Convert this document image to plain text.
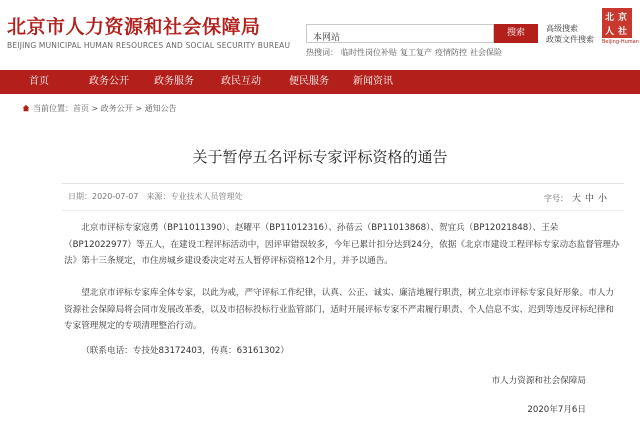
北京市人力资源和社会保障局
BEIJING MUNICIPAL HUMAN RESOURCES AND SOCIAL SECURITY BUREAU
本网站
搜索	高级搜索
政策文件搜索
热搜词： 临时性岗位补贴 复工复产 疫情防控 社会保险
北 京
人 社
Beijing-Human
首页	政务公开	政务服务	政民互动	便民服务	新闻资讯
当前位置：首页 > 政务公开 > 通知公告
关于暂停五名评标专家评标资格的通告
日期：2020-07-07 来源：专业技术人员管理处	字号： 大 中 小
北京市评标专家寇勇（BP11011390）、赵曜平（BP11012316）、孙蓓云（BP11013868）、贺宜兵（BP12021848）、王朵（BP12022977）等五人，在建设工程评标活动中，因评审错误较多，今年已累计扣分达到24分，依据《北京市建设工程评标专家动态监督管理办法》第十三条规定，市住房城乡建设委决定对五人暂停评标资格12个月，并予以通告。
望北京市评标专家库全体专家，以此为戒，严守评标工作纪律，认真、公正、诚实、廉洁地履行职责，树立北京市评标专家良好形象。市人力资源社会保障局将会同市发展改革委，以及市招标投标行业监管部门，适时开展评标专家不严肃履行职责、个人信息不实、迟到等违反评标纪律和专家管理规定的专项清理整治行动。
（联系电话：专技处83172403，传真：63161302）
市人力资源和社会保障局
2020年7月6日
